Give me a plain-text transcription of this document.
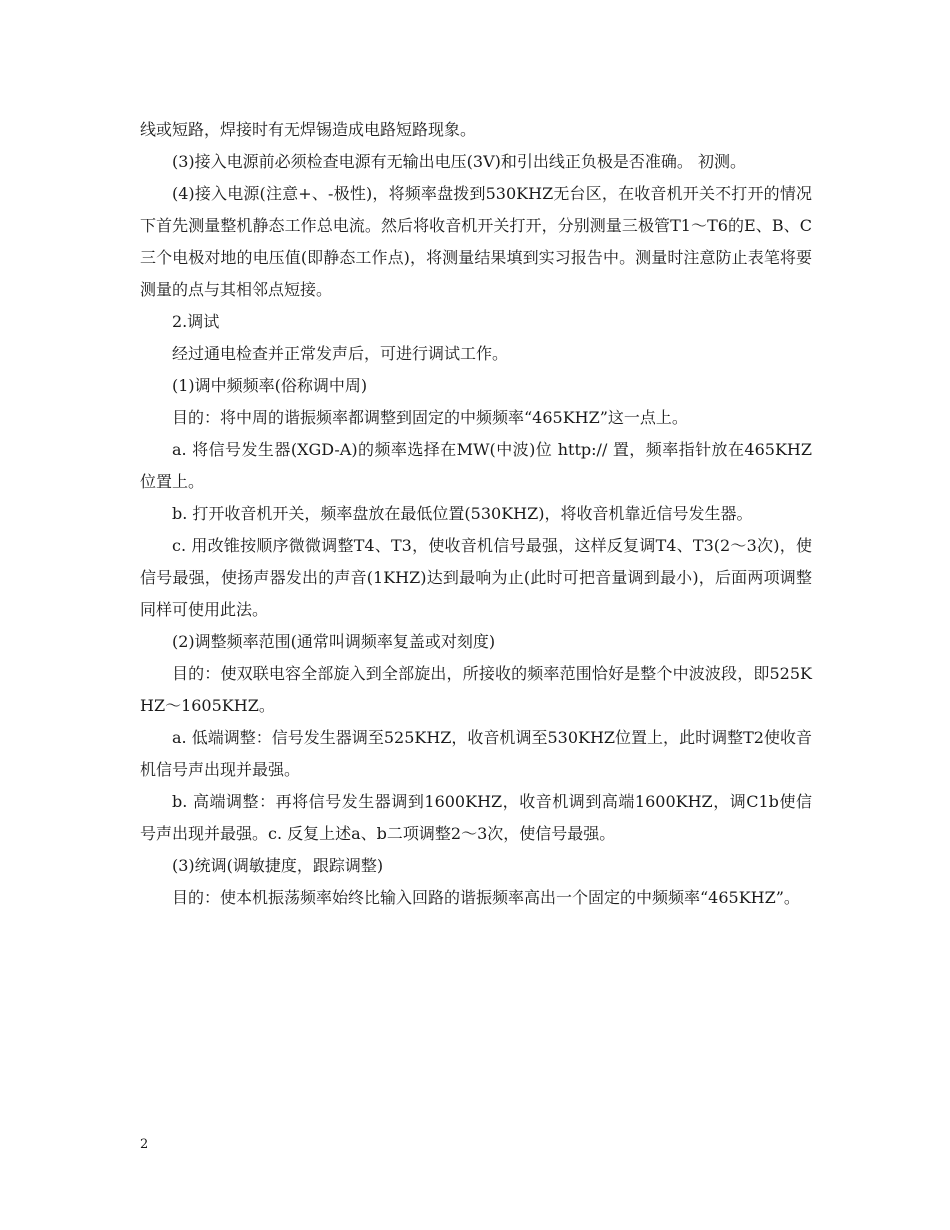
线或短路，焊接时有无焊锡造成电路短路现象。

(3)接入电源前必须检查电源有无输出电压(3V)和引出线正负极是否准确。 初测。

(4)接入电源(注意+、-极性)，将频率盘拨到530KHZ无台区，在收音机开关不打开的情况下首先测量整机静态工作总电流。然后将收音机开关打开，分别测量三极管T1～T6的E、B、C三个电极对地的电压值(即静态工作点)，将测量结果填到实习报告中。测量时注意防止表笔将要测量的点与其相邻点短接。

2.调试

经过通电检查并正常发声后，可进行调试工作。

(1)调中频频率(俗称调中周)

目的：将中周的谐振频率都调整到固定的中频频率“465KHZ”这一点上。

a. 将信号发生器(XGD-A)的频率选择在MW(中波)位 http:// 置，频率指针放在465KHZ位置上。

b. 打开收音机开关，频率盘放在最低位置(530KHZ)，将收音机靠近信号发生器。

c. 用改锥按顺序微微调整T4、T3，使收音机信号最强，这样反复调T4、T3(2～3次)，使信号最强，使扬声器发出的声音(1KHZ)达到最响为止(此时可把音量调到最小)，后面两项调整同样可使用此法。

(2)调整频率范围(通常叫调频率复盖或对刻度)

目的：使双联电容全部旋入到全部旋出，所接收的频率范围恰好是整个中波波段，即525KHZ～1605KHZ。

a. 低端调整：信号发生器调至525KHZ，收音机调至530KHZ位置上，此时调整T2使收音机信号声出现并最强。

b. 高端调整：再将信号发生器调到1600KHZ，收音机调到高端1600KHZ，调C1b使信号声出现并最强。c. 反复上述a、b二项调整2～3次，使信号最强。

(3)统调(调敏捷度，跟踪调整)

目的：使本机振荡频率始终比输入回路的谐振频率高出一个固定的中频频率“465KHZ”。

2
